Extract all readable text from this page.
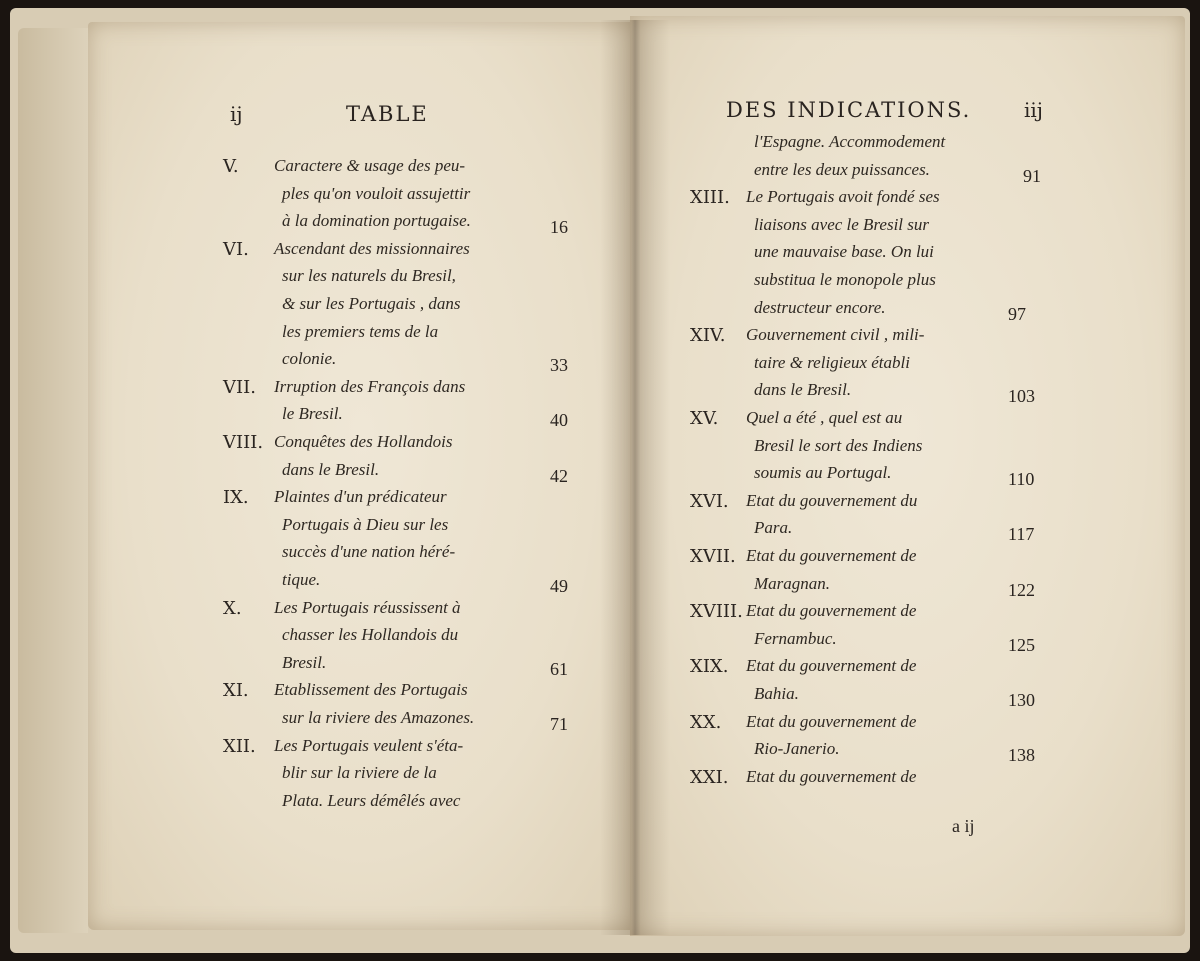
ij	TABLE
V. Caractere & usage des peu-
ples qu'on vouloit assujettir
à la domination portugaise.	16
VI. Ascendant des missionnaires
sur les naturels du Bresil,
& sur les Portugais , dans
les premiers tems de la
colonie.	33
VII. Irruption des François dans
le Bresil.	40
VIII. Conquêtes des Hollandois
dans le Bresil.	42
IX. Plaintes d'un prédicateur
Portugais à Dieu sur les
succès d'une nation héré-
tique.	49
X. Les Portugais réussissent à
chasser les Hollandois du
Bresil.	61
XI. Etablissement des Portugais
sur la riviere des Amazones.	71
XII. Les Portugais veulent s'éta-
blir sur la riviere de la
Plata. Leurs démêlés avec
DES INDICATIONS.	iij
l'Espagne. Accommodement
entre les deux puissances.	91
XIII. Le Portugais avoit fondé ses
liaisons avec le Bresil sur
une mauvaise base. On lui
substitua le monopole plus
destructeur encore.	97
XIV. Gouvernement civil , mili-
taire & religieux établi
dans le Bresil.	103
XV. Quel a été , quel est au
Bresil le sort des Indiens
soumis au Portugal.	110
XVI. Etat du gouvernement du
Para.	117
XVII. Etat du gouvernement de
Maragnan.	122
XVIII. Etat du gouvernement de
Fernambuc.	125
XIX. Etat du gouvernement de
Bahia.	130
XX. Etat du gouvernement de
Rio-Janerio.	138
XXI. Etat du gouvernement de
a ij
